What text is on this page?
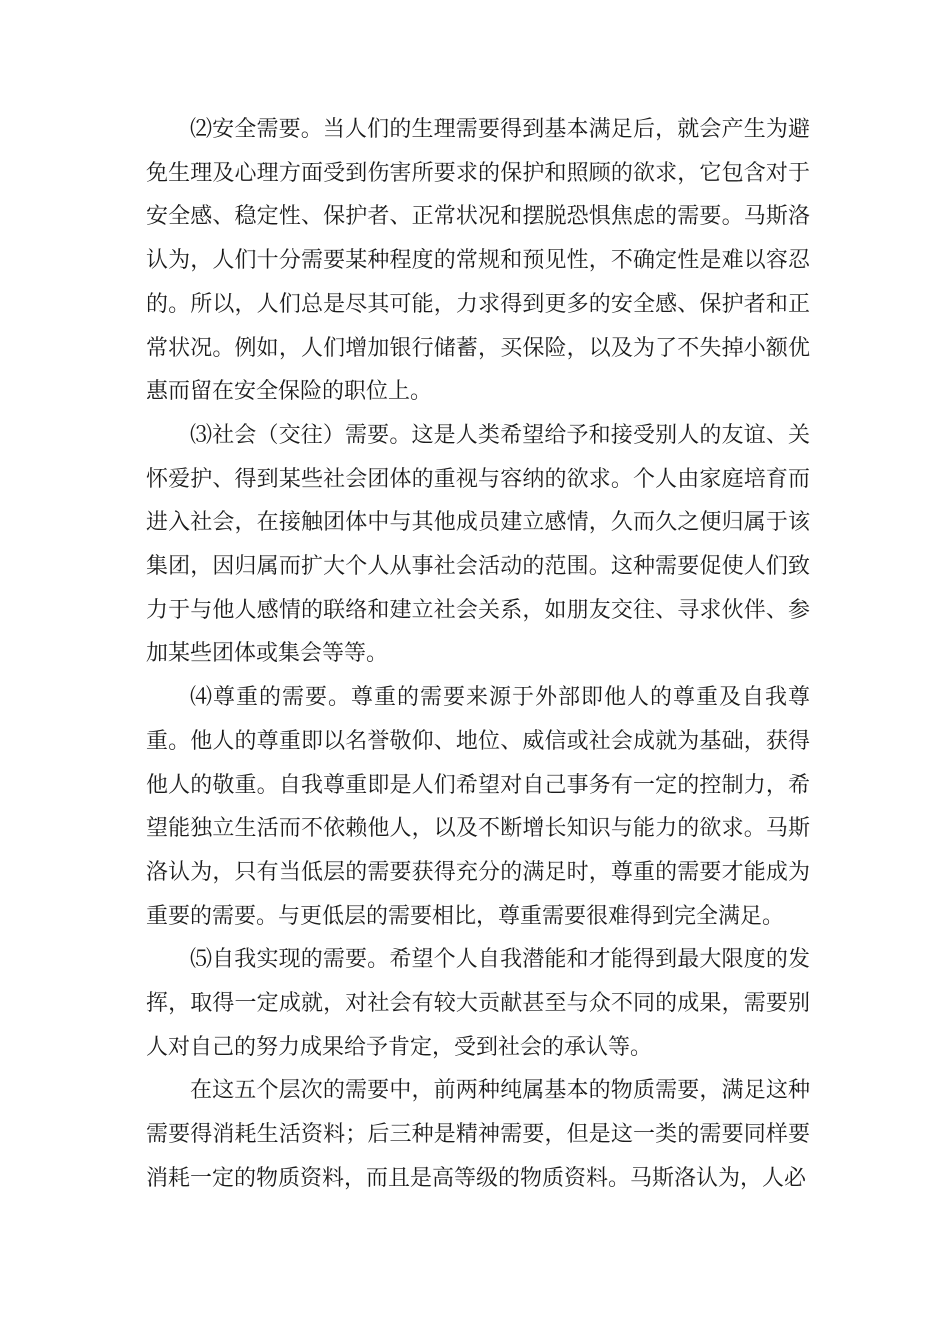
⑵安全需要。当人们的生理需要得到基本满足后，就会产生为避免生理及心理方面受到伤害所要求的保护和照顾的欲求，它包含对于安全感、稳定性、保护者、正常状况和摆脱恐惧焦虑的需要。马斯洛认为，人们十分需要某种程度的常规和预见性，不确定性是难以容忍的。所以，人们总是尽其可能，力求得到更多的安全感、保护者和正常状况。例如，人们增加银行储蓄，买保险，以及为了不失掉小额优惠而留在安全保险的职位上。

⑶社会（交往）需要。这是人类希望给予和接受别人的友谊、关怀爱护、得到某些社会团体的重视与容纳的欲求。个人由家庭培育而进入社会，在接触团体中与其他成员建立感情，久而久之便归属于该集团，因归属而扩大个人从事社会活动的范围。这种需要促使人们致力于与他人感情的联络和建立社会关系，如朋友交往、寻求伙伴、参加某些团体或集会等等。

⑷尊重的需要。尊重的需要来源于外部即他人的尊重及自我尊重。他人的尊重即以名誉敬仰、地位、威信或社会成就为基础，获得他人的敬重。自我尊重即是人们希望对自己事务有一定的控制力，希望能独立生活而不依赖他人，以及不断增长知识与能力的欲求。马斯洛认为，只有当低层的需要获得充分的满足时，尊重的需要才能成为重要的需要。与更低层的需要相比，尊重需要很难得到完全满足。

⑸自我实现的需要。希望个人自我潜能和才能得到最大限度的发挥，取得一定成就，对社会有较大贡献甚至与众不同的成果，需要别人对自己的努力成果给予肯定，受到社会的承认等。

在这五个层次的需要中，前两种纯属基本的物质需要，满足这种需要得消耗生活资料；后三种是精神需要，但是这一类的需要同样要消耗一定的物质资料，而且是高等级的物质资料。马斯洛认为，人必
